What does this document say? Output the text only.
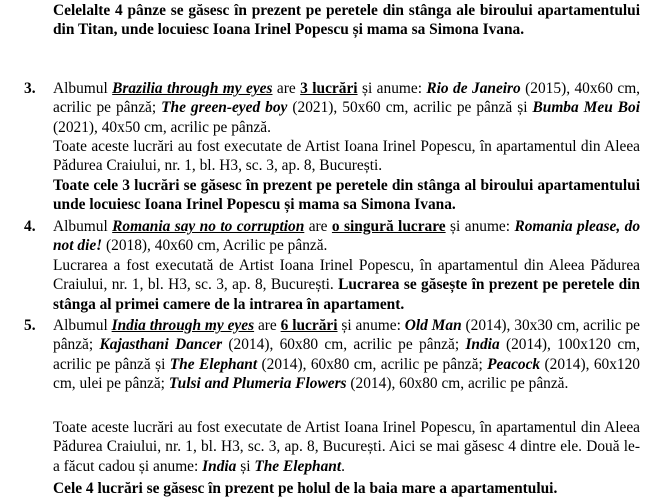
Celelalte 4 pânze se găsesc în prezent pe peretele din stânga ale biroului apartamentului din Titan, unde locuiesc Ioana Irinel Popescu și mama sa Simona Ivana.

3. Albumul Brazilia through my eyes are 3 lucrări și anume: Rio de Janeiro (2015), 40x60 cm, acrilic pe pânză; The green-eyed boy (2021), 50x60 cm, acrilic pe pânză și Bumba Meu Boi (2021), 40x50 cm, acrilic pe pânză.

Toate aceste lucrări au fost executate de Artist Ioana Irinel Popescu, în apartamentul din Aleea Pădurea Craiului, nr. 1, bl. H3, sc. 3, ap. 8, București.

Toate cele 3 lucrări se găsesc în prezent pe peretele din stânga al biroului apartamentului unde locuiesc Ioana Irinel Popescu și mama sa Simona Ivana.

4. Albumul Romania say no to corruption are o singură lucrare și anume: Romania please, do not die! (2018), 40x60 cm, Acrilic pe pânză.

Lucrarea a fost executată de Artist Ioana Irinel Popescu, în apartamentul din Aleea Pădurea Craiului, nr. 1, bl. H3, sc. 3, ap. 8, București. Lucrarea se găsește în prezent pe peretele din stânga al primei camere de la intrarea în apartament.

5. Albumul India through my eyes are 6 lucrări și anume: Old Man (2014), 30x30 cm, acrilic pe pânză; Kajasthani Dancer (2014), 60x80 cm, acrilic pe pânză; India (2014), 100x120 cm, acrilic pe pânză și The Elephant (2014), 60x80 cm, acrilic pe pânză; Peacock (2014), 60x120 cm, ulei pe pânză; Tulsi and Plumeria Flowers (2014), 60x80 cm, acrilic pe pânză.

Toate aceste lucrări au fost executate de Artist Ioana Irinel Popescu, în apartamentul din Aleea Pădurea Craiului, nr. 1, bl. H3, sc. 3, ap. 8, București. Aici se mai găsesc 4 dintre ele. Două le-a făcut cadou și anume: India și The Elephant.

Cele 4 lucrări se găsesc în prezent pe holul de la baia mare a apartamentului.
